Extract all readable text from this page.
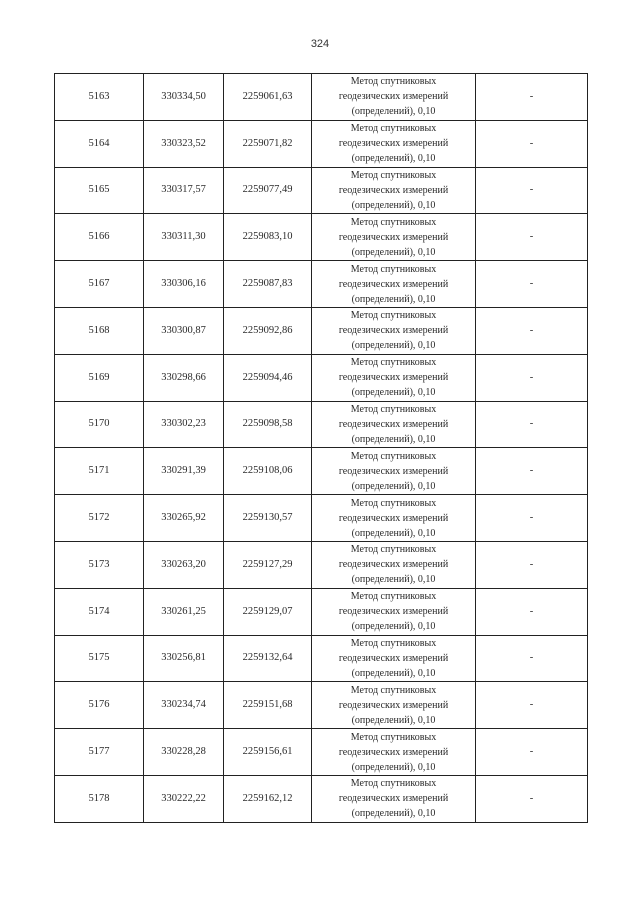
324
5163	330334,50	2259061,63	Метод спутниковых
геодезических измерений
(определений), 0,10	-
5164	330323,52	2259071,82	Метод спутниковых
геодезических измерений
(определений), 0,10	-
5165	330317,57	2259077,49	Метод спутниковых
геодезических измерений
(определений), 0,10	-
5166	330311,30	2259083,10	Метод спутниковых
геодезических измерений
(определений), 0,10	-
5167	330306,16	2259087,83	Метод спутниковых
геодезических измерений
(определений), 0,10	-
5168	330300,87	2259092,86	Метод спутниковых
геодезических измерений
(определений), 0,10	-
5169	330298,66	2259094,46	Метод спутниковых
геодезических измерений
(определений), 0,10	-
5170	330302,23	2259098,58	Метод спутниковых
геодезических измерений
(определений), 0,10	-
5171	330291,39	2259108,06	Метод спутниковых
геодезических измерений
(определений), 0,10	-
5172	330265,92	2259130,57	Метод спутниковых
геодезических измерений
(определений), 0,10	-
5173	330263,20	2259127,29	Метод спутниковых
геодезических измерений
(определений), 0,10	-
5174	330261,25	2259129,07	Метод спутниковых
геодезических измерений
(определений), 0,10	-
5175	330256,81	2259132,64	Метод спутниковых
геодезических измерений
(определений), 0,10	-
5176	330234,74	2259151,68	Метод спутниковых
геодезических измерений
(определений), 0,10	-
5177	330228,28	2259156,61	Метод спутниковых
геодезических измерений
(определений), 0,10	-
5178	330222,22	2259162,12	Метод спутниковых
геодезических измерений
(определений), 0,10	-
